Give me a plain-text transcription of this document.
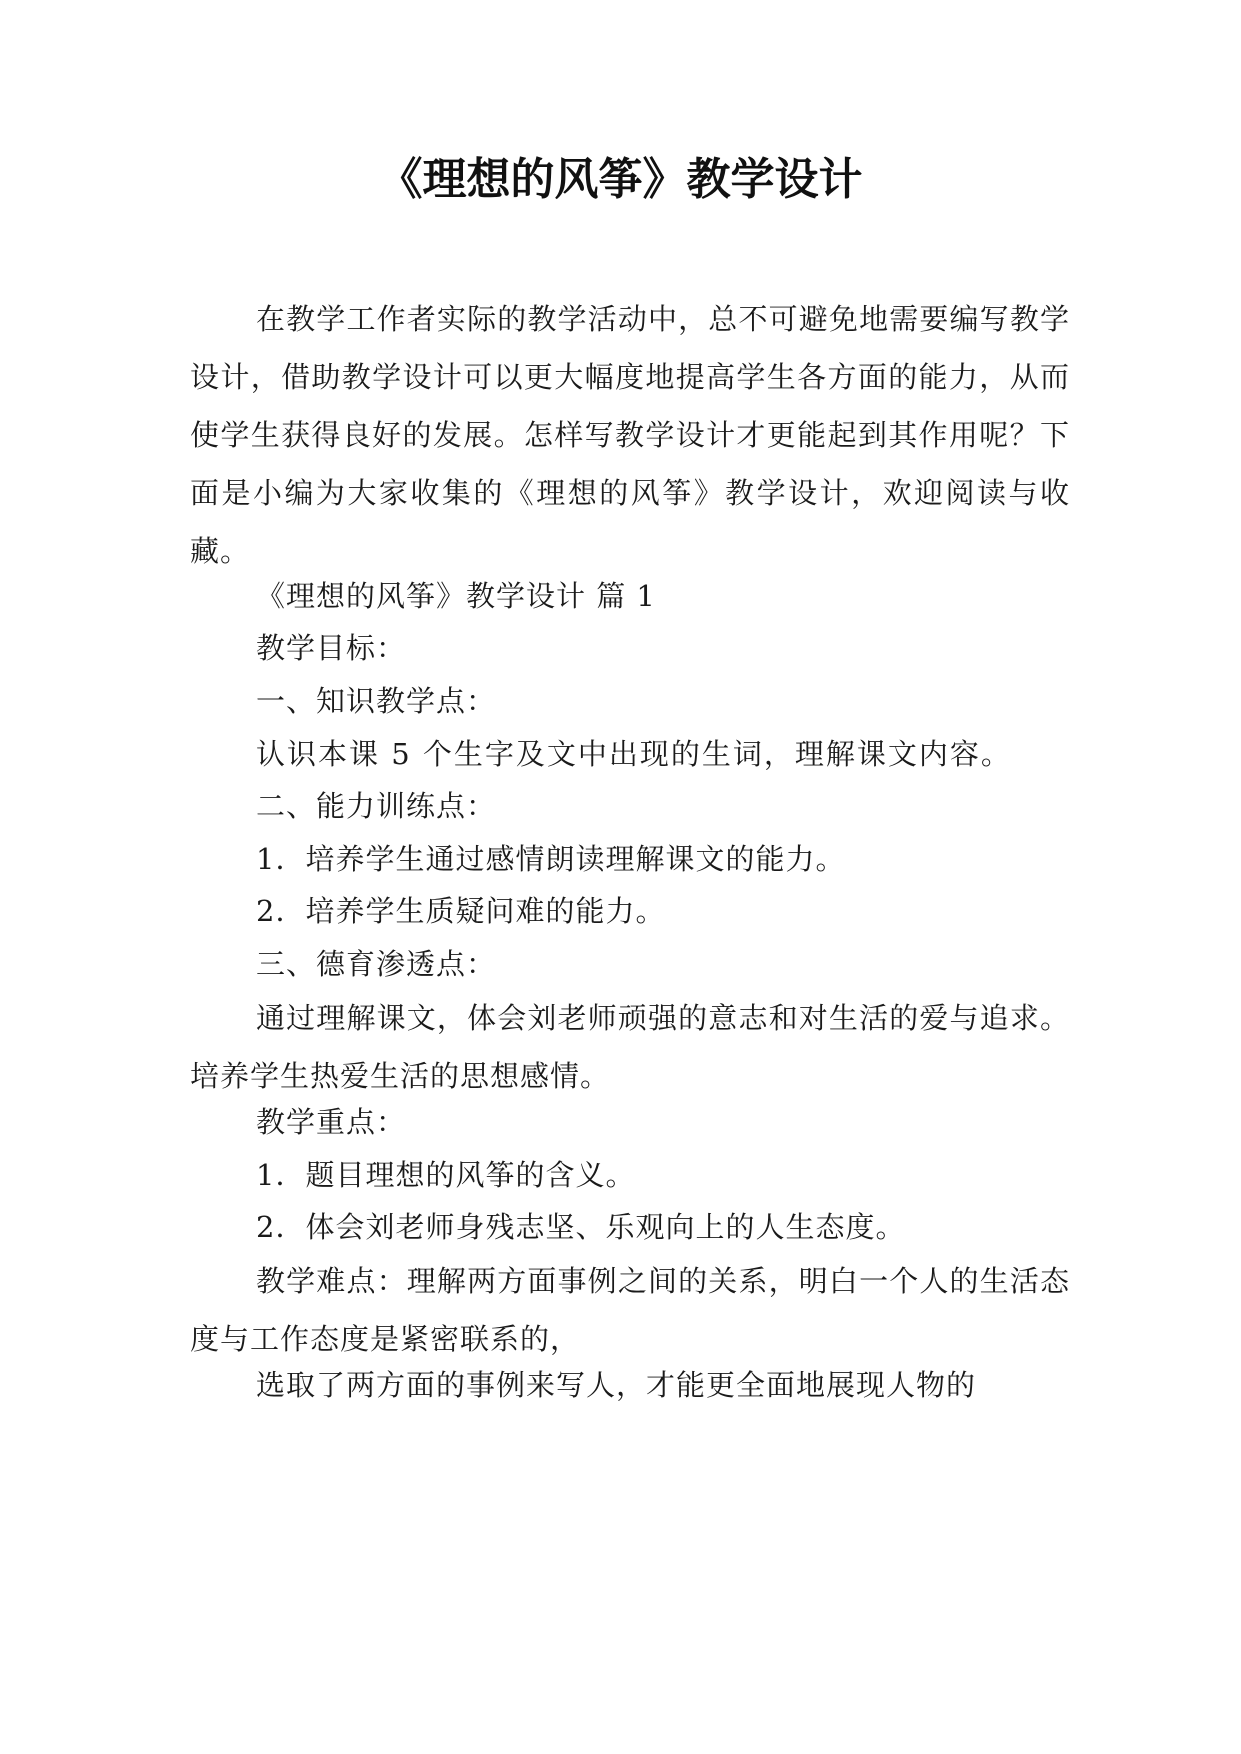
《理想的风筝》教学设计

在教学工作者实际的教学活动中，总不可避免地需要编写教学设计，借助教学设计可以更大幅度地提高学生各方面的能力，从而使学生获得良好的发展。怎样写教学设计才更能起到其作用呢？下面是小编为大家收集的《理想的风筝》教学设计，欢迎阅读与收藏。

《理想的风筝》教学设计 篇 1

教学目标：

一、知识教学点：

认识本课 5 个生字及文中出现的生词，理解课文内容。

二、能力训练点：

1．培养学生通过感情朗读理解课文的能力。

2．培养学生质疑问难的能力。

三、德育渗透点：

通过理解课文，体会刘老师顽强的意志和对生活的爱与追求。培养学生热爱生活的思想感情。

教学重点：

1．题目理想的风筝的含义。

2．体会刘老师身残志坚、乐观向上的人生态度。

教学难点：理解两方面事例之间的关系，明白一个人的生活态度与工作态度是紧密联系的，

选取了两方面的事例来写人，才能更全面地展现人物的
